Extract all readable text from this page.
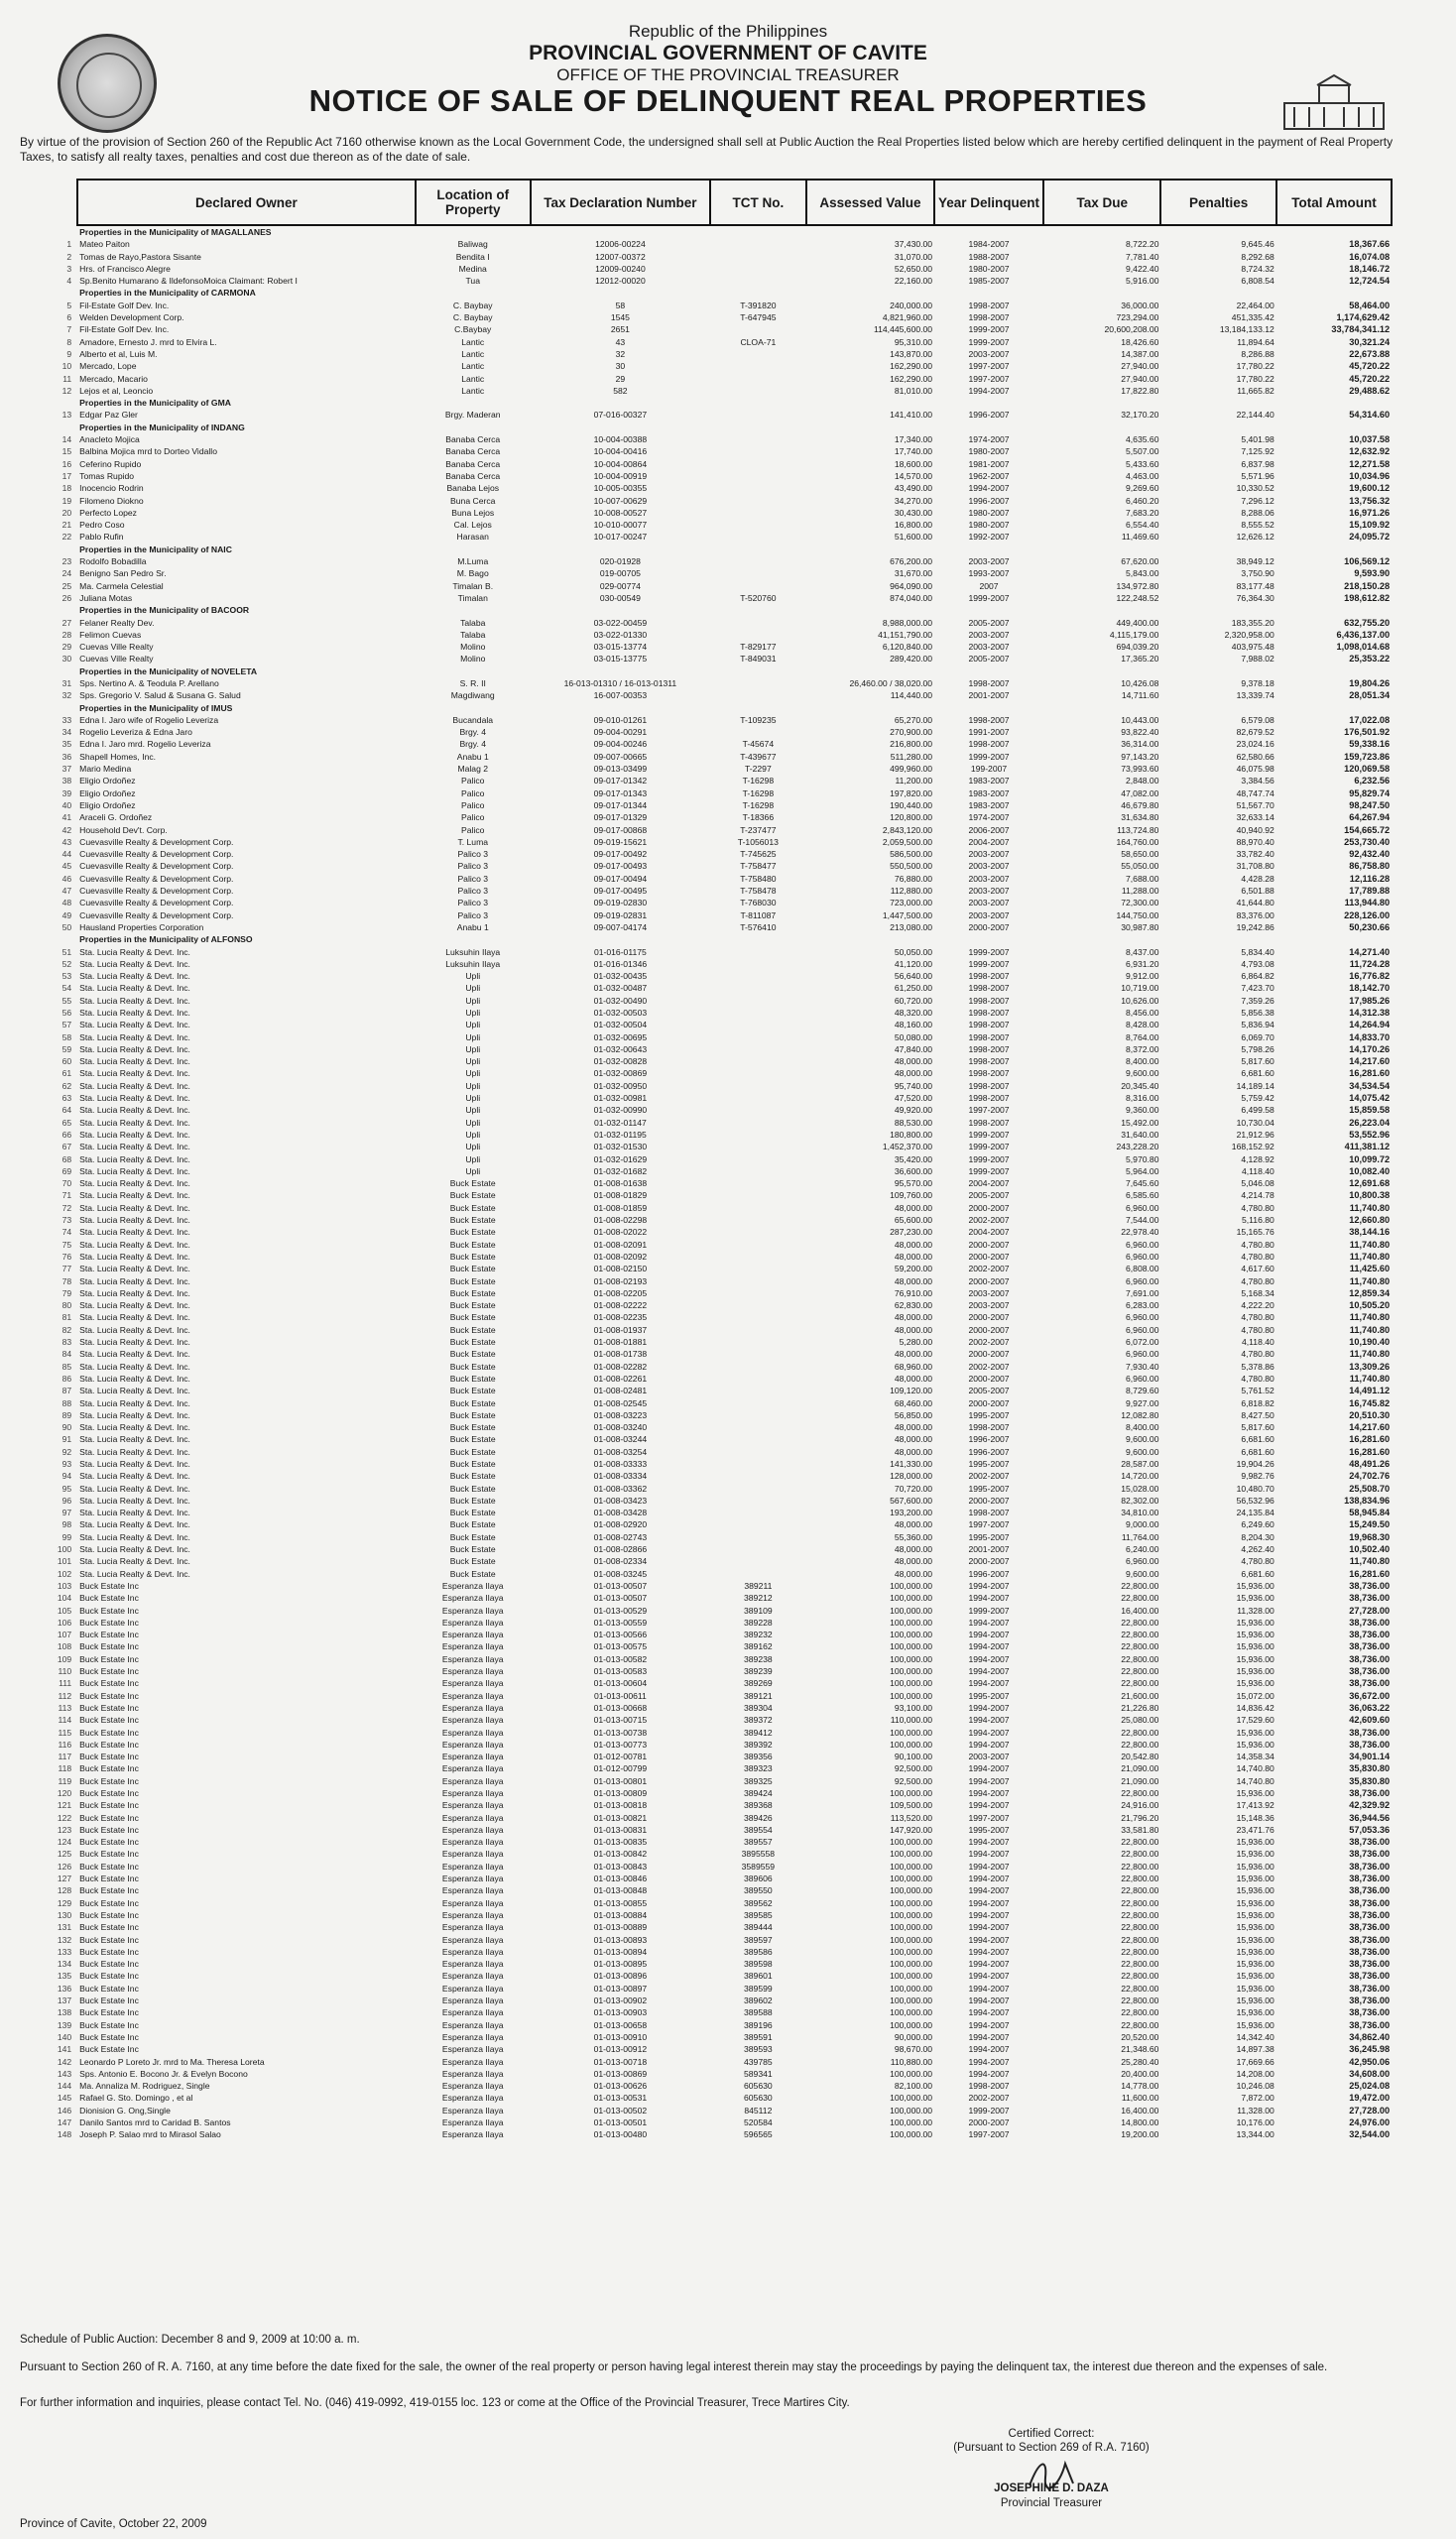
Republic of the Philippines
PROVINCIAL GOVERNMENT OF CAVITE
OFFICE OF THE PROVINCIAL TREASURER
NOTICE OF SALE OF DELINQUENT REAL PROPERTIES
By virtue of the provision of Section 260 of the Republic Act 7160 otherwise known as the Local Government Code, the undersigned shall sell at Public Auction the Real Properties listed below which are hereby certified delinquent in the payment of Real Property Taxes, to satisfy all realty taxes, penalties and cost due thereon as of the date of sale.
	Declared Owner	Location of Property	Tax Declaration Number	TCT No.	Assessed Value	Year Delinquent	Tax Due	Penalties	Total Amount	
	Properties in the Municipality of MAGALLANES									
1	Mateo Paiton	Baliwag	12006-00224		37,430.00	1984-2007	8,722.20	9,645.46	18,367.66	
2	Tomas de Rayo,Pastora Sisante	Bendita I	12007-00372		31,070.00	1988-2007	7,781.40	8,292.68	16,074.08	
3	Hrs. of Francisco Alegre	Medina	12009-00240		52,650.00	1980-2007	9,422.40	8,724.32	18,146.72	
4	Sp.Benito Humarano & IldefonsoMoica Claimant: Robert I	Tua	12012-00020		22,160.00	1985-2007	5,916.00	6,808.54	12,724.54	
	Properties in the Municipality of CARMONA									
5	Fil-Estate Golf Dev. Inc.	C. Baybay	58	T-391820	240,000.00	1998-2007	36,000.00	22,464.00	58,464.00	
6	Welden Development Corp.	C. Baybay	1545	T-647945	4,821,960.00	1998-2007	723,294.00	451,335.42	1,174,629.42	
7	Fil-Estate Golf Dev. Inc.	C.Baybay	2651		114,445,600.00	1999-2007	20,600,208.00	13,184,133.12	33,784,341.12	
8	Amadore, Ernesto J. mrd to Elvira L.	Lantic	43	CLOA-71	95,310.00	1999-2007	18,426.60	11,894.64	30,321.24	
9	Alberto et al, Luis M.	Lantic	32		143,870.00	2003-2007	14,387.00	8,286.88	22,673.88	
10	Mercado, Lope	Lantic	30		162,290.00	1997-2007	27,940.00	17,780.22	45,720.22	
11	Mercado, Macario	Lantic	29		162,290.00	1997-2007	27,940.00	17,780.22	45,720.22	
12	Lejos et al, Leoncio	Lantic	582		81,010.00	1994-2007	17,822.80	11,665.82	29,488.62	
	Properties in the Municipality of GMA									
13	Edgar Paz Gler	Brgy. Maderan	07-016-00327		141,410.00	1996-2007	32,170.20	22,144.40	54,314.60	
	Properties in the Municipality of INDANG									
14	Anacleto Mojica	Banaba Cerca	10-004-00388		17,340.00	1974-2007	4,635.60	5,401.98	10,037.58	
15	Balbina Mojica mrd to Dorteo Vidallo	Banaba Cerca	10-004-00416		17,740.00	1980-2007	5,507.00	7,125.92	12,632.92	
16	Ceferino Rupido	Banaba Cerca	10-004-00864		18,600.00	1981-2007	5,433.60	6,837.98	12,271.58	
17	Tomas Rupido	Banaba Cerca	10-004-00919		14,570.00	1962-2007	4,463.00	5,571.96	10,034.96	
18	Inocencio Rodrin	Banaba Lejos	10-005-00355		43,490.00	1994-2007	9,269.60	10,330.52	19,600.12	
19	Filomeno Diokno	Buna Cerca	10-007-00629		34,270.00	1996-2007	6,460.20	7,296.12	13,756.32	
20	Perfecto Lopez	Buna Lejos	10-008-00527		30,430.00	1980-2007	7,683.20	8,288.06	16,971.26	
21	Pedro Coso	Cal. Lejos	10-010-00077		16,800.00	1980-2007	6,554.40	8,555.52	15,109.92	
22	Pablo Rufin	Harasan	10-017-00247		51,600.00	1992-2007	11,469.60	12,626.12	24,095.72	
	Properties in the Municipality of NAIC									
23	Rodolfo Bobadilla	M.Luma	020-01928		676,200.00	2003-2007	67,620.00	38,949.12	106,569.12	
24	Benigno San Pedro Sr.	M. Bago	019-00705		31,670.00	1993-2007	5,843.00	3,750.90	9,593.90	
25	Ma. Carmela Celestial	Timalan B.	029-00774		964,090.00	2007	134,972.80	83,177.48	218,150.28	
26	Juliana Motas	Timalan	030-00549	T-520760	874,040.00	1999-2007	122,248.52	76,364.30	198,612.82	
	Properties in the Municipality of BACOOR									
27	Felaner Realty Dev.	Talaba	03-022-00459		8,988,000.00	2005-2007	449,400.00	183,355.20	632,755.20	
28	Felimon Cuevas	Talaba	03-022-01330		41,151,790.00	2003-2007	4,115,179.00	2,320,958.00	6,436,137.00	
29	Cuevas Ville Realty	Molino	03-015-13774	T-829177	6,120,840.00	2003-2007	694,039.20	403,975.48	1,098,014.68	
30	Cuevas Ville Realty	Molino	03-015-13775	T-849031	289,420.00	2005-2007	17,365.20	7,988.02	25,353.22	
	Properties in the Municipality of NOVELETA									
31	Sps. Nertino A. & Teodula P. Arellano	S. R. II	16-013-01310 / 16-013-01311		26,460.00 / 38,020.00	1998-2007	10,426.08	9,378.18	19,804.26	
32	Sps. Gregorio V. Salud & Susana G. Salud	Magdiwang	16-007-00353		114,440.00	2001-2007	14,711.60	13,339.74	28,051.34	
	Properties in the Municipality of IMUS									
33	Edna I. Jaro wife of Rogelio Leveriza	Bucandala	09-010-01261	T-109235	65,270.00	1998-2007	10,443.00	6,579.08	17,022.08	
34	Rogelio Leveriza & Edna Jaro	Brgy. 4	09-004-00291		270,900.00	1991-2007	93,822.40	82,679.52	176,501.92	
35	Edna I. Jaro mrd. Rogelio Leveriza	Brgy. 4	09-004-00246	T-45674	216,800.00	1998-2007	36,314.00	23,024.16	59,338.16	
36	Shapell Homes, Inc.	Anabu 1	09-007-00665	T-439677	511,280.00	1999-2007	97,143.20	62,580.66	159,723.86	
37	Mario Medina	Malag 2	09-013-03499	T-2297	499,960.00	199-2007	73,993.60	46,075.98	120,069.58	
38	Eligio Ordoñez	Palico	09-017-01342	T-16298	11,200.00	1983-2007	2,848.00	3,384.56	6,232.56	
39	Eligio Ordoñez	Palico	09-017-01343	T-16298	197,820.00	1983-2007	47,082.00	48,747.74	95,829.74	
40	Eligio Ordoñez	Palico	09-017-01344	T-16298	190,440.00	1983-2007	46,679.80	51,567.70	98,247.50	
41	Araceli G. Ordoñez	Palico	09-017-01329	T-18366	120,800.00	1974-2007	31,634.80	32,633.14	64,267.94	
42	Household Dev't. Corp.	Palico	09-017-00868	T-237477	2,843,120.00	2006-2007	113,724.80	40,940.92	154,665.72	
43	Cuevasville Realty & Development Corp.	T. Luma	09-019-15621	T-1056013	2,059,500.00	2004-2007	164,760.00	88,970.40	253,730.40	
44	Cuevasville Realty & Development Corp.	Palico 3	09-017-00492	T-745625	586,500.00	2003-2007	58,650.00	33,782.40	92,432.40	
45	Cuevasville Realty & Development Corp.	Palico 3	09-017-00493	T-758477	550,500.00	2003-2007	55,050.00	31,708.80	86,758.80	
46	Cuevasville Realty & Development Corp.	Palico 3	09-017-00494	T-758480	76,880.00	2003-2007	7,688.00	4,428.28	12,116.28	
47	Cuevasville Realty & Development Corp.	Palico 3	09-017-00495	T-758478	112,880.00	2003-2007	11,288.00	6,501.88	17,789.88	
48	Cuevasville Realty & Development Corp.	Palico 3	09-019-02830	T-768030	723,000.00	2003-2007	72,300.00	41,644.80	113,944.80	
49	Cuevasville Realty & Development Corp.	Palico 3	09-019-02831	T-811087	1,447,500.00	2003-2007	144,750.00	83,376.00	228,126.00	
50	Hausland Properties Corporation	Anabu 1	09-007-04174	T-576410	213,080.00	2000-2007	30,987.80	19,242.86	50,230.66	
	Properties in the Municipality of ALFONSO									
51	Sta. Lucia Realty & Devt. Inc.	Luksuhin Ilaya	01-016-01175		50,050.00	1999-2007	8,437.00	5,834.40	14,271.40	
52	Sta. Lucia Realty & Devt. Inc.	Luksuhin Ilaya	01-016-01346		41,120.00	1999-2007	6,931.20	4,793.08	11,724.28	
53	Sta. Lucia Realty & Devt. Inc.	Upli	01-032-00435		56,640.00	1998-2007	9,912.00	6,864.82	16,776.82	
54	Sta. Lucia Realty & Devt. Inc.	Upli	01-032-00487		61,250.00	1998-2007	10,719.00	7,423.70	18,142.70	
55	Sta. Lucia Realty & Devt. Inc.	Upli	01-032-00490		60,720.00	1998-2007	10,626.00	7,359.26	17,985.26	
56	Sta. Lucia Realty & Devt. Inc.	Upli	01-032-00503		48,320.00	1998-2007	8,456.00	5,856.38	14,312.38	
57	Sta. Lucia Realty & Devt. Inc.	Upli	01-032-00504		48,160.00	1998-2007	8,428.00	5,836.94	14,264.94	
58	Sta. Lucia Realty & Devt. Inc.	Upli	01-032-00695		50,080.00	1998-2007	8,764.00	6,069.70	14,833.70	
59	Sta. Lucia Realty & Devt. Inc.	Upli	01-032-00643		47,840.00	1998-2007	8,372.00	5,798.26	14,170.26	
60	Sta. Lucia Realty & Devt. Inc.	Upli	01-032-00828		48,000.00	1998-2007	8,400.00	5,817.60	14,217.60	
61	Sta. Lucia Realty & Devt. Inc.	Upli	01-032-00869		48,000.00	1998-2007	9,600.00	6,681.60	16,281.60	
62	Sta. Lucia Realty & Devt. Inc.	Upli	01-032-00950		95,740.00	1998-2007	20,345.40	14,189.14	34,534.54	
63	Sta. Lucia Realty & Devt. Inc.	Upli	01-032-00981		47,520.00	1998-2007	8,316.00	5,759.42	14,075.42	
64	Sta. Lucia Realty & Devt. Inc.	Upli	01-032-00990		49,920.00	1997-2007	9,360.00	6,499.58	15,859.58	
65	Sta. Lucia Realty & Devt. Inc.	Upli	01-032-01147		88,530.00	1998-2007	15,492.00	10,730.04	26,223.04	
66	Sta. Lucia Realty & Devt. Inc.	Upli	01-032-01195		180,800.00	1999-2007	31,640.00	21,912.96	53,552.96	
67	Sta. Lucia Realty & Devt. Inc.	Upli	01-032-01530		1,452,370.00	1999-2007	243,228.20	168,152.92	411,381.12	
68	Sta. Lucia Realty & Devt. Inc.	Upli	01-032-01629		35,420.00	1999-2007	5,970.80	4,128.92	10,099.72	
69	Sta. Lucia Realty & Devt. Inc.	Upli	01-032-01682		36,600.00	1999-2007	5,964.00	4,118.40	10,082.40	
70	Sta. Lucia Realty & Devt. Inc.	Buck Estate	01-008-01638		95,570.00	2004-2007	7,645.60	5,046.08	12,691.68	
71	Sta. Lucia Realty & Devt. Inc.	Buck Estate	01-008-01829		109,760.00	2005-2007	6,585.60	4,214.78	10,800.38	
72	Sta. Lucia Realty & Devt. Inc.	Buck Estate	01-008-01859		48,000.00	2000-2007	6,960.00	4,780.80	11,740.80	
73	Sta. Lucia Realty & Devt. Inc.	Buck Estate	01-008-02298		65,600.00	2002-2007	7,544.00	5,116.80	12,660.80	
74	Sta. Lucia Realty & Devt. Inc.	Buck Estate	01-008-02022		287,230.00	2004-2007	22,978.40	15,165.76	38,144.16	
75	Sta. Lucia Realty & Devt. Inc.	Buck Estate	01-008-02091		48,000.00	2000-2007	6,960.00	4,780.80	11,740.80	
76	Sta. Lucia Realty & Devt. Inc.	Buck Estate	01-008-02092		48,000.00	2000-2007	6,960.00	4,780.80	11,740.80	
77	Sta. Lucia Realty & Devt. Inc.	Buck Estate	01-008-02150		59,200.00	2002-2007	6,808.00	4,617.60	11,425.60	
78	Sta. Lucia Realty & Devt. Inc.	Buck Estate	01-008-02193		48,000.00	2000-2007	6,960.00	4,780.80	11,740.80	
79	Sta. Lucia Realty & Devt. Inc.	Buck Estate	01-008-02205		76,910.00	2003-2007	7,691.00	5,168.34	12,859.34	
80	Sta. Lucia Realty & Devt. Inc.	Buck Estate	01-008-02222		62,830.00	2003-2007	6,283.00	4,222.20	10,505.20	
81	Sta. Lucia Realty & Devt. Inc.	Buck Estate	01-008-02235		48,000.00	2000-2007	6,960.00	4,780.80	11,740.80	
82	Sta. Lucia Realty & Devt. Inc.	Buck Estate	01-008-01937		48,000.00	2000-2007	6,960.00	4,780.80	11,740.80	
83	Sta. Lucia Realty & Devt. Inc.	Buck Estate	01-008-01881		5,280.00	2002-2007	6,072.00	4,118.40	10,190.40	
84	Sta. Lucia Realty & Devt. Inc.	Buck Estate	01-008-01738		48,000.00	2000-2007	6,960.00	4,780.80	11,740.80	
85	Sta. Lucia Realty & Devt. Inc.	Buck Estate	01-008-02282		68,960.00	2002-2007	7,930.40	5,378.86	13,309.26	
86	Sta. Lucia Realty & Devt. Inc.	Buck Estate	01-008-02261		48,000.00	2000-2007	6,960.00	4,780.80	11,740.80	
87	Sta. Lucia Realty & Devt. Inc.	Buck Estate	01-008-02481		109,120.00	2005-2007	8,729.60	5,761.52	14,491.12	
88	Sta. Lucia Realty & Devt. Inc.	Buck Estate	01-008-02545		68,460.00	2000-2007	9,927.00	6,818.82	16,745.82	
89	Sta. Lucia Realty & Devt. Inc.	Buck Estate	01-008-03223		56,850.00	1995-2007	12,082.80	8,427.50	20,510.30	
90	Sta. Lucia Realty & Devt. Inc.	Buck Estate	01-008-03240		48,000.00	1998-2007	8,400.00	5,817.60	14,217.60	
91	Sta. Lucia Realty & Devt. Inc.	Buck Estate	01-008-03244		48,000.00	1996-2007	9,600.00	6,681.60	16,281.60	
92	Sta. Lucia Realty & Devt. Inc.	Buck Estate	01-008-03254		48,000.00	1996-2007	9,600.00	6,681.60	16,281.60	
93	Sta. Lucia Realty & Devt. Inc.	Buck Estate	01-008-03333		141,330.00	1995-2007	28,587.00	19,904.26	48,491.26	
94	Sta. Lucia Realty & Devt. Inc.	Buck Estate	01-008-03334		128,000.00	2002-2007	14,720.00	9,982.76	24,702.76	
95	Sta. Lucia Realty & Devt. Inc.	Buck Estate	01-008-03362		70,720.00	1995-2007	15,028.00	10,480.70	25,508.70	
96	Sta. Lucia Realty & Devt. Inc.	Buck Estate	01-008-03423		567,600.00	2000-2007	82,302.00	56,532.96	138,834.96	
97	Sta. Lucia Realty & Devt. Inc.	Buck Estate	01-008-03428		193,200.00	1998-2007	34,810.00	24,135.84	58,945.84	
98	Sta. Lucia Realty & Devt. Inc.	Buck Estate	01-008-02920		48,000.00	1997-2007	9,000.00	6,249.60	15,249.50	
99	Sta. Lucia Realty & Devt. Inc.	Buck Estate	01-008-02743		55,360.00	1995-2007	11,764.00	8,204.30	19,968.30	
100	Sta. Lucia Realty & Devt. Inc.	Buck Estate	01-008-02866		48,000.00	2001-2007	6,240.00	4,262.40	10,502.40	
101	Sta. Lucia Realty & Devt. Inc.	Buck Estate	01-008-02334		48,000.00	2000-2007	6,960.00	4,780.80	11,740.80	
102	Sta. Lucia Realty & Devt. Inc.	Buck Estate	01-008-03245		48,000.00	1996-2007	9,600.00	6,681.60	16,281.60	
103	Buck Estate Inc	Esperanza Ilaya	01-013-00507	389211	100,000.00	1994-2007	22,800.00	15,936.00	38,736.00	
104	Buck Estate Inc	Esperanza Ilaya	01-013-00507	389212	100,000.00	1994-2007	22,800.00	15,936.00	38,736.00	
105	Buck Estate Inc	Esperanza Ilaya	01-013-00529	389109	100,000.00	1999-2007	16,400.00	11,328.00	27,728.00	
106	Buck Estate Inc	Esperanza Ilaya	01-013-00559	389228	100,000.00	1994-2007	22,800.00	15,936.00	38,736.00	
107	Buck Estate Inc	Esperanza Ilaya	01-013-00566	389232	100,000.00	1994-2007	22,800.00	15,936.00	38,736.00	
108	Buck Estate Inc	Esperanza Ilaya	01-013-00575	389162	100,000.00	1994-2007	22,800.00	15,936.00	38,736.00	
109	Buck Estate Inc	Esperanza Ilaya	01-013-00582	389238	100,000.00	1994-2007	22,800.00	15,936.00	38,736.00	
110	Buck Estate Inc	Esperanza Ilaya	01-013-00583	389239	100,000.00	1994-2007	22,800.00	15,936.00	38,736.00	
111	Buck Estate Inc	Esperanza Ilaya	01-013-00604	389269	100,000.00	1994-2007	22,800.00	15,936.00	38,736.00	
112	Buck Estate Inc	Esperanza Ilaya	01-013-00611	389121	100,000.00	1995-2007	21,600.00	15,072.00	36,672.00	
113	Buck Estate Inc	Esperanza Ilaya	01-013-00668	389304	93,100.00	1994-2007	21,226.80	14,836.42	36,063.22	
114	Buck Estate Inc	Esperanza Ilaya	01-013-00715	389372	110,000.00	1994-2007	25,080.00	17,529.60	42,609.60	
115	Buck Estate Inc	Esperanza Ilaya	01-013-00738	389412	100,000.00	1994-2007	22,800.00	15,936.00	38,736.00	
116	Buck Estate Inc	Esperanza Ilaya	01-013-00773	389392	100,000.00	1994-2007	22,800.00	15,936.00	38,736.00	
117	Buck Estate Inc	Esperanza Ilaya	01-012-00781	389356	90,100.00	2003-2007	20,542.80	14,358.34	34,901.14	
118	Buck Estate Inc	Esperanza Ilaya	01-012-00799	389323	92,500.00	1994-2007	21,090.00	14,740.80	35,830.80	
119	Buck Estate Inc	Esperanza Ilaya	01-013-00801	389325	92,500.00	1994-2007	21,090.00	14,740.80	35,830.80	
120	Buck Estate Inc	Esperanza Ilaya	01-013-00809	389424	100,000.00	1994-2007	22,800.00	15,936.00	38,736.00	
121	Buck Estate Inc	Esperanza Ilaya	01-013-00818	389368	109,500.00	1994-2007	24,916.00	17,413.92	42,329.92	
122	Buck Estate Inc	Esperanza Ilaya	01-013-00821	389426	113,520.00	1997-2007	21,796.20	15,148.36	36,944.56	
123	Buck Estate Inc	Esperanza Ilaya	01-013-00831	389554	147,920.00	1995-2007	33,581.80	23,471.76	57,053.36	
124	Buck Estate Inc	Esperanza Ilaya	01-013-00835	389557	100,000.00	1994-2007	22,800.00	15,936.00	38,736.00	
125	Buck Estate Inc	Esperanza Ilaya	01-013-00842	3895558	100,000.00	1994-2007	22,800.00	15,936.00	38,736.00	
126	Buck Estate Inc	Esperanza Ilaya	01-013-00843	3589559	100,000.00	1994-2007	22,800.00	15,936.00	38,736.00	
127	Buck Estate Inc	Esperanza Ilaya	01-013-00846	389606	100,000.00	1994-2007	22,800.00	15,936.00	38,736.00	
128	Buck Estate Inc	Esperanza Ilaya	01-013-00848	389550	100,000.00	1994-2007	22,800.00	15,936.00	38,736.00	
129	Buck Estate Inc	Esperanza Ilaya	01-013-00855	389562	100,000.00	1994-2007	22,800.00	15,936.00	38,736.00	
130	Buck Estate Inc	Esperanza Ilaya	01-013-00884	389585	100,000.00	1994-2007	22,800.00	15,936.00	38,736.00	
131	Buck Estate Inc	Esperanza Ilaya	01-013-00889	389444	100,000.00	1994-2007	22,800.00	15,936.00	38,736.00	
132	Buck Estate Inc	Esperanza Ilaya	01-013-00893	389597	100,000.00	1994-2007	22,800.00	15,936.00	38,736.00	
133	Buck Estate Inc	Esperanza Ilaya	01-013-00894	389586	100,000.00	1994-2007	22,800.00	15,936.00	38,736.00	
134	Buck Estate Inc	Esperanza Ilaya	01-013-00895	389598	100,000.00	1994-2007	22,800.00	15,936.00	38,736.00	
135	Buck Estate Inc	Esperanza Ilaya	01-013-00896	389601	100,000.00	1994-2007	22,800.00	15,936.00	38,736.00	
136	Buck Estate Inc	Esperanza Ilaya	01-013-00897	389599	100,000.00	1994-2007	22,800.00	15,936.00	38,736.00	
137	Buck Estate Inc	Esperanza Ilaya	01-013-00902	389602	100,000.00	1994-2007	22,800.00	15,936.00	38,736.00	
138	Buck Estate Inc	Esperanza Ilaya	01-013-00903	389588	100,000.00	1994-2007	22,800.00	15,936.00	38,736.00	
139	Buck Estate Inc	Esperanza Ilaya	01-013-00658	389196	100,000.00	1994-2007	22,800.00	15,936.00	38,736.00	
140	Buck Estate Inc	Esperanza Ilaya	01-013-00910	389591	90,000.00	1994-2007	20,520.00	14,342.40	34,862.40	
141	Buck Estate Inc	Esperanza Ilaya	01-013-00912	389593	98,670.00	1994-2007	21,348.60	14,897.38	36,245.98	
142	Leonardo P Loreto Jr. mrd to Ma. Theresa Loreta	Esperanza Ilaya	01-013-00718	439785	110,880.00	1994-2007	25,280.40	17,669.66	42,950.06	
143	Sps. Antonio E. Bocono Jr. & Evelyn Bocono	Esperanza Ilaya	01-013-00869	589341	100,000.00	1994-2007	20,400.00	14,208.00	34,608.00	
144	Ma. Annaliza M. Rodriguez, Single	Esperanza Ilaya	01-013-00626	605630	82,100.00	1998-2007	14,778.00	10,246.08	25,024.08	
145	Rafael G. Sto. Domingo , et al	Esperanza Ilaya	01-013-00531	605630	100,000.00	2002-2007	11,600.00	7,872.00	19,472.00	
146	Dionision G. Ong,Single	Esperanza Ilaya	01-013-00502	845112	100,000.00	1999-2007	16,400.00	11,328.00	27,728.00	
147	Danilo Santos mrd to Caridad B. Santos	Esperanza Ilaya	01-013-00501	520584	100,000.00	2000-2007	14,800.00	10,176.00	24,976.00	
148	Joseph P. Salao mrd to Mirasol Salao	Esperanza Ilaya	01-013-00480	596565	100,000.00	1997-2007	19,200.00	13,344.00	32,544.00	
Schedule of Public Auction: December 8 and 9, 2009 at 10:00 a. m.
Pursuant to Section 260 of R. A. 7160, at any time before the date fixed for the sale, the owner of the real property or person having legal interest therein may stay the proceedings by paying the delinquent tax, the interest due thereon and the expenses of sale.
For further information and inquiries, please contact Tel. No. (046) 419-0992, 419-0155 loc. 123 or come at the Office of the Provincial Treasurer, Trece Martires City.
Certified Correct:
(Pursuant to Section 269 of R.A. 7160)
JOSEPHINE D. DAZA
Provincial Treasurer
Province of Cavite, October 22, 2009
